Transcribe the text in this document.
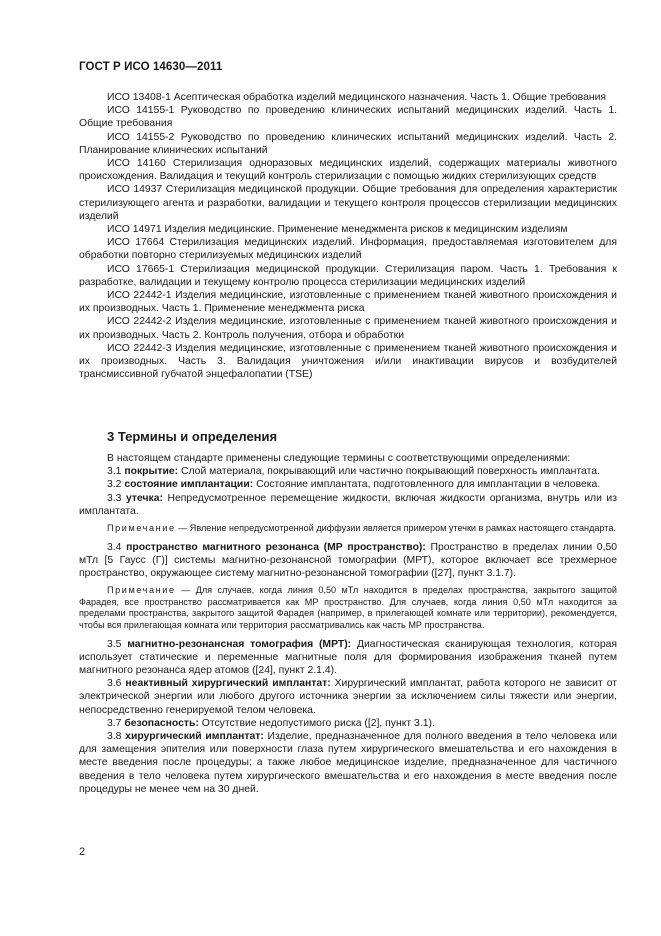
ГОСТ Р ИСО 14630—2011

ИСО 13408-1 Асептическая обработка изделий медицинского назначения. Часть 1. Общие требования

ИСО 14155-1 Руководство по проведению клинических испытаний медицинских изделий. Часть 1. Общие требования

ИСО 14155-2 Руководство по проведению клинических испытаний медицинских изделий. Часть 2. Планирование клинических испытаний

ИСО 14160 Стерилизация одноразовых медицинских изделий, содержащих материалы животного происхождения. Валидация и текущий контроль стерилизации с помощью жидких стерилизующих средств

ИСО 14937 Стерилизация медицинской продукции. Общие требования для определения характеристик стерилизующего агента и разработки, валидации и текущего контроля процессов стерилизации медицинских изделий

ИСО 14971 Изделия медицинские. Применение менеджмента рисков к медицинским изделиям

ИСО 17664 Стерилизация медицинских изделий. Информация, предоставляемая изготовителем для обработки повторно стерилизуемых медицинских изделий

ИСО 17665-1 Стерилизация медицинской продукции. Стерилизация паром. Часть 1. Требования к разработке, валидации и текущему контролю процесса стерилизации медицинских изделий

ИСО 22442-1 Изделия медицинские, изготовленные с применением тканей животного происхождения и их производных. Часть 1. Применение менеджмента риска

ИСО 22442-2 Изделия медицинские, изготовленные с применением тканей животного происхождения и их производных. Часть 2. Контроль получения, отбора и обработки

ИСО 22442-3 Изделия медицинские, изготовленные с применением тканей животного происхождения и их производных. Часть 3. Валидация уничтожения и/или инактивации вирусов и возбудителей трансмиссивной губчатой энцефалопатии (TSE)

3 Термины и определения

В настоящем стандарте применены следующие термины с соответствующими определениями:

3.1 покрытие: Слой материала, покрывающий или частично покрывающий поверхность имплантата.

3.2 состояние имплантации: Состояние имплантата, подготовленного для имплантации в человека.

3.3 утечка: Непредусмотренное перемещение жидкости, включая жидкости организма, внутрь или из имплантата.

Примечание — Явление непредусмотренной диффузии является примером утечки в рамках настоящего стандарта.

3.4 пространство магнитного резонанса (МР пространство): Пространство в пределах линии 0,50 мТл [5 Гаусс (Г)] системы магнитно-резонансной томографии (МРТ), которое включает все трехмерное пространство, окружающее систему магнитно-резонансной томографии ([27], пункт 3.1.7).

Примечание — Для случаев, когда линия 0,50 мТл находится в пределах пространства, закрытого защитой Фарадея, все пространство рассматривается как МР пространство. Для случаев, когда линия 0,50 мТл находится за пределами пространства, закрытого защитой Фарадея (например, в прилегающей комнате или территории), рекомендуется, чтобы вся прилегающая комната или территория рассматривались как часть МР пространства.

3.5 магнитно-резонансная томография (МРТ): Диагностическая сканирующая технология, которая использует статические и переменные магнитные поля для формирования изображения тканей путем магнитного резонанса ядер атомов ([24], пункт 2.1.4).

3.6 неактивный хирургический имплантат: Хирургический имплантат, работа которого не зависит от электрической энергии или любого другого источника энергии за исключением силы тяжести или энергии, непосредственно генерируемой телом человека.

3.7 безопасность: Отсутствие недопустимого риска ([2], пункт 3.1).

3.8 хирургический имплантат: Изделие, предназначенное для полного введения в тело человека или для замещения эпителия или поверхности глаза путем хирургического вмешательства и его нахождения в месте введения после процедуры; а также любое медицинское изделие, предназначенное для частичного введения в тело человека путем хирургического вмешательства и его нахождения в месте введения после процедуры не менее чем на 30 дней.

2
